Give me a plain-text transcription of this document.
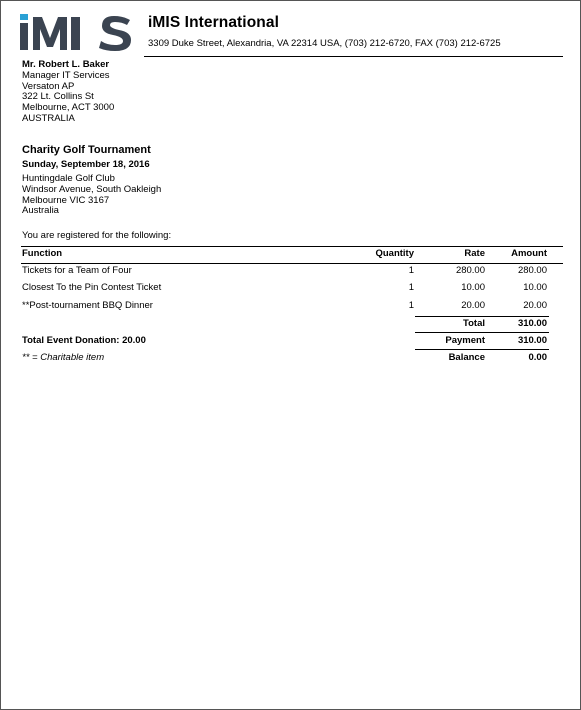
iMIS International
3309 Duke Street, Alexandria, VA 22314 USA, (703) 212-6720, FAX (703) 212-6725
Mr. Robert L. Baker
Manager IT Services
Versaton AP
322 Lt. Collins St
Melbourne, ACT 3000
AUSTRALIA
Charity Golf Tournament
Sunday, September 18, 2016
Huntingdale Golf Club
Windsor Avenue, South Oakleigh
Melbourne VIC 3167
Australia
You are registered for the following:
Function	Quantity	Rate	Amount
Tickets for a Team of Four	1	280.00	280.00
Closest To the Pin Contest Ticket	1	10.00	10.00
**Post-tournament BBQ Dinner	1	20.00	20.00
Total	310.00
Total Event Donation: 20.00	Payment	310.00
** = Charitable item	Balance	0.00
